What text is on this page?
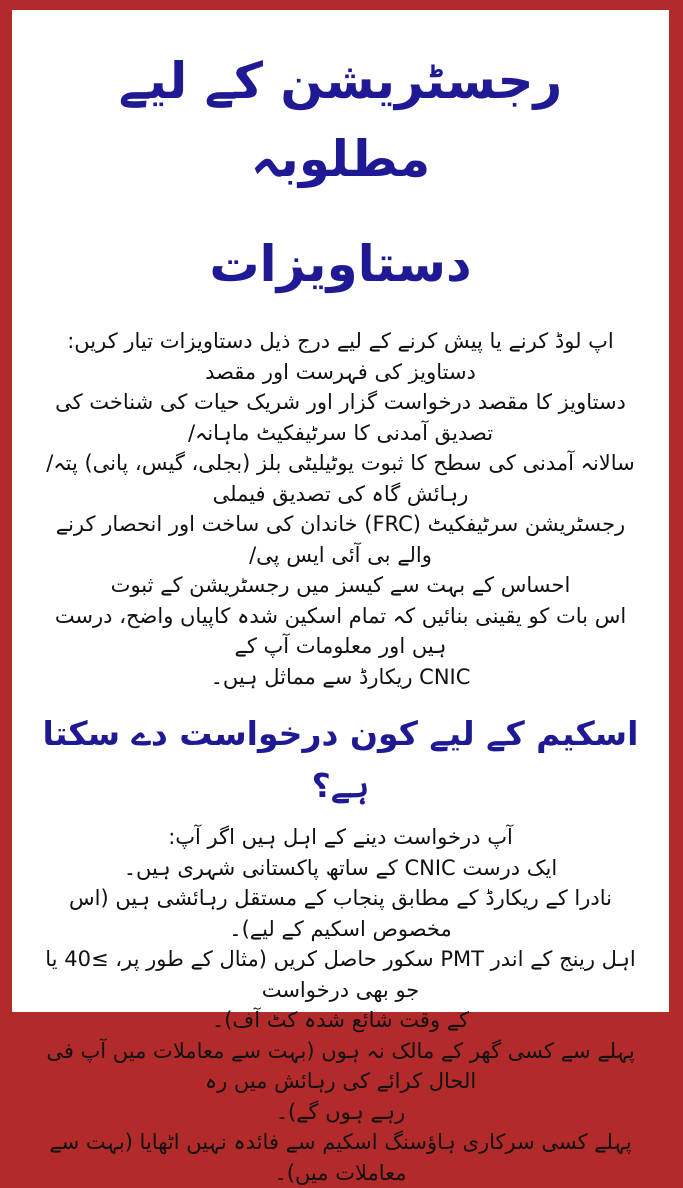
رجسٹریشن کے لیے مطلوبہ
دستاویزات

اپ لوڈ کرنے یا پیش کرنے کے لیے درج ذیل دستاویزات تیار کریں:

دستاویز کی فہرست اور مقصد

دستاویز کا مقصد درخواست گزار اور شریک حیات کی شناخت کی تصدیق آمدنی کا سرٹیفکیٹ ماہانہ/

سالانہ آمدنی کی سطح کا ثبوت یوٹیلیٹی بلز (بجلی، گیس، پانی) پتہ/رہائش گاہ کی تصدیق فیملی

رجسٹریشن سرٹیفکیٹ (FRC) خاندان کی ساخت اور انحصار کرنے والے بی آئی ایس پی/

احساس کے بہت سے کیسز میں رجسٹریشن کے ثبوت

اس بات کو یقینی بنائیں کہ تمام اسکین شدہ کاپیاں واضح، درست ہیں اور معلومات آپ کے

CNIC ریکارڈ سے مماثل ہیں۔

اسکیم کے لیے کون درخواست دے سکتا ہے؟

آپ درخواست دینے کے اہل ہیں اگر آپ:

ایک درست CNIC کے ساتھ پاکستانی شہری ہیں۔

نادرا کے ریکارڈ کے مطابق پنجاب کے مستقل رہائشی ہیں (اس مخصوص اسکیم کے لیے)۔

اہل رینج کے اندر PMT سکور حاصل کریں (مثال کے طور پر، ≥40 یا جو بھی درخواست

کے وقت شائع شدہ کٹ آف)۔

پہلے سے کسی گھر کے مالک نہ ہوں (بہت سے معاملات میں آپ فی الحال کرائے کی رہائش میں رہ

رہے ہوں گے)۔

پہلے کسی سرکاری ہاؤسنگ اسکیم سے فائدہ نہیں اٹھایا (بہت سے معاملات میں)۔
